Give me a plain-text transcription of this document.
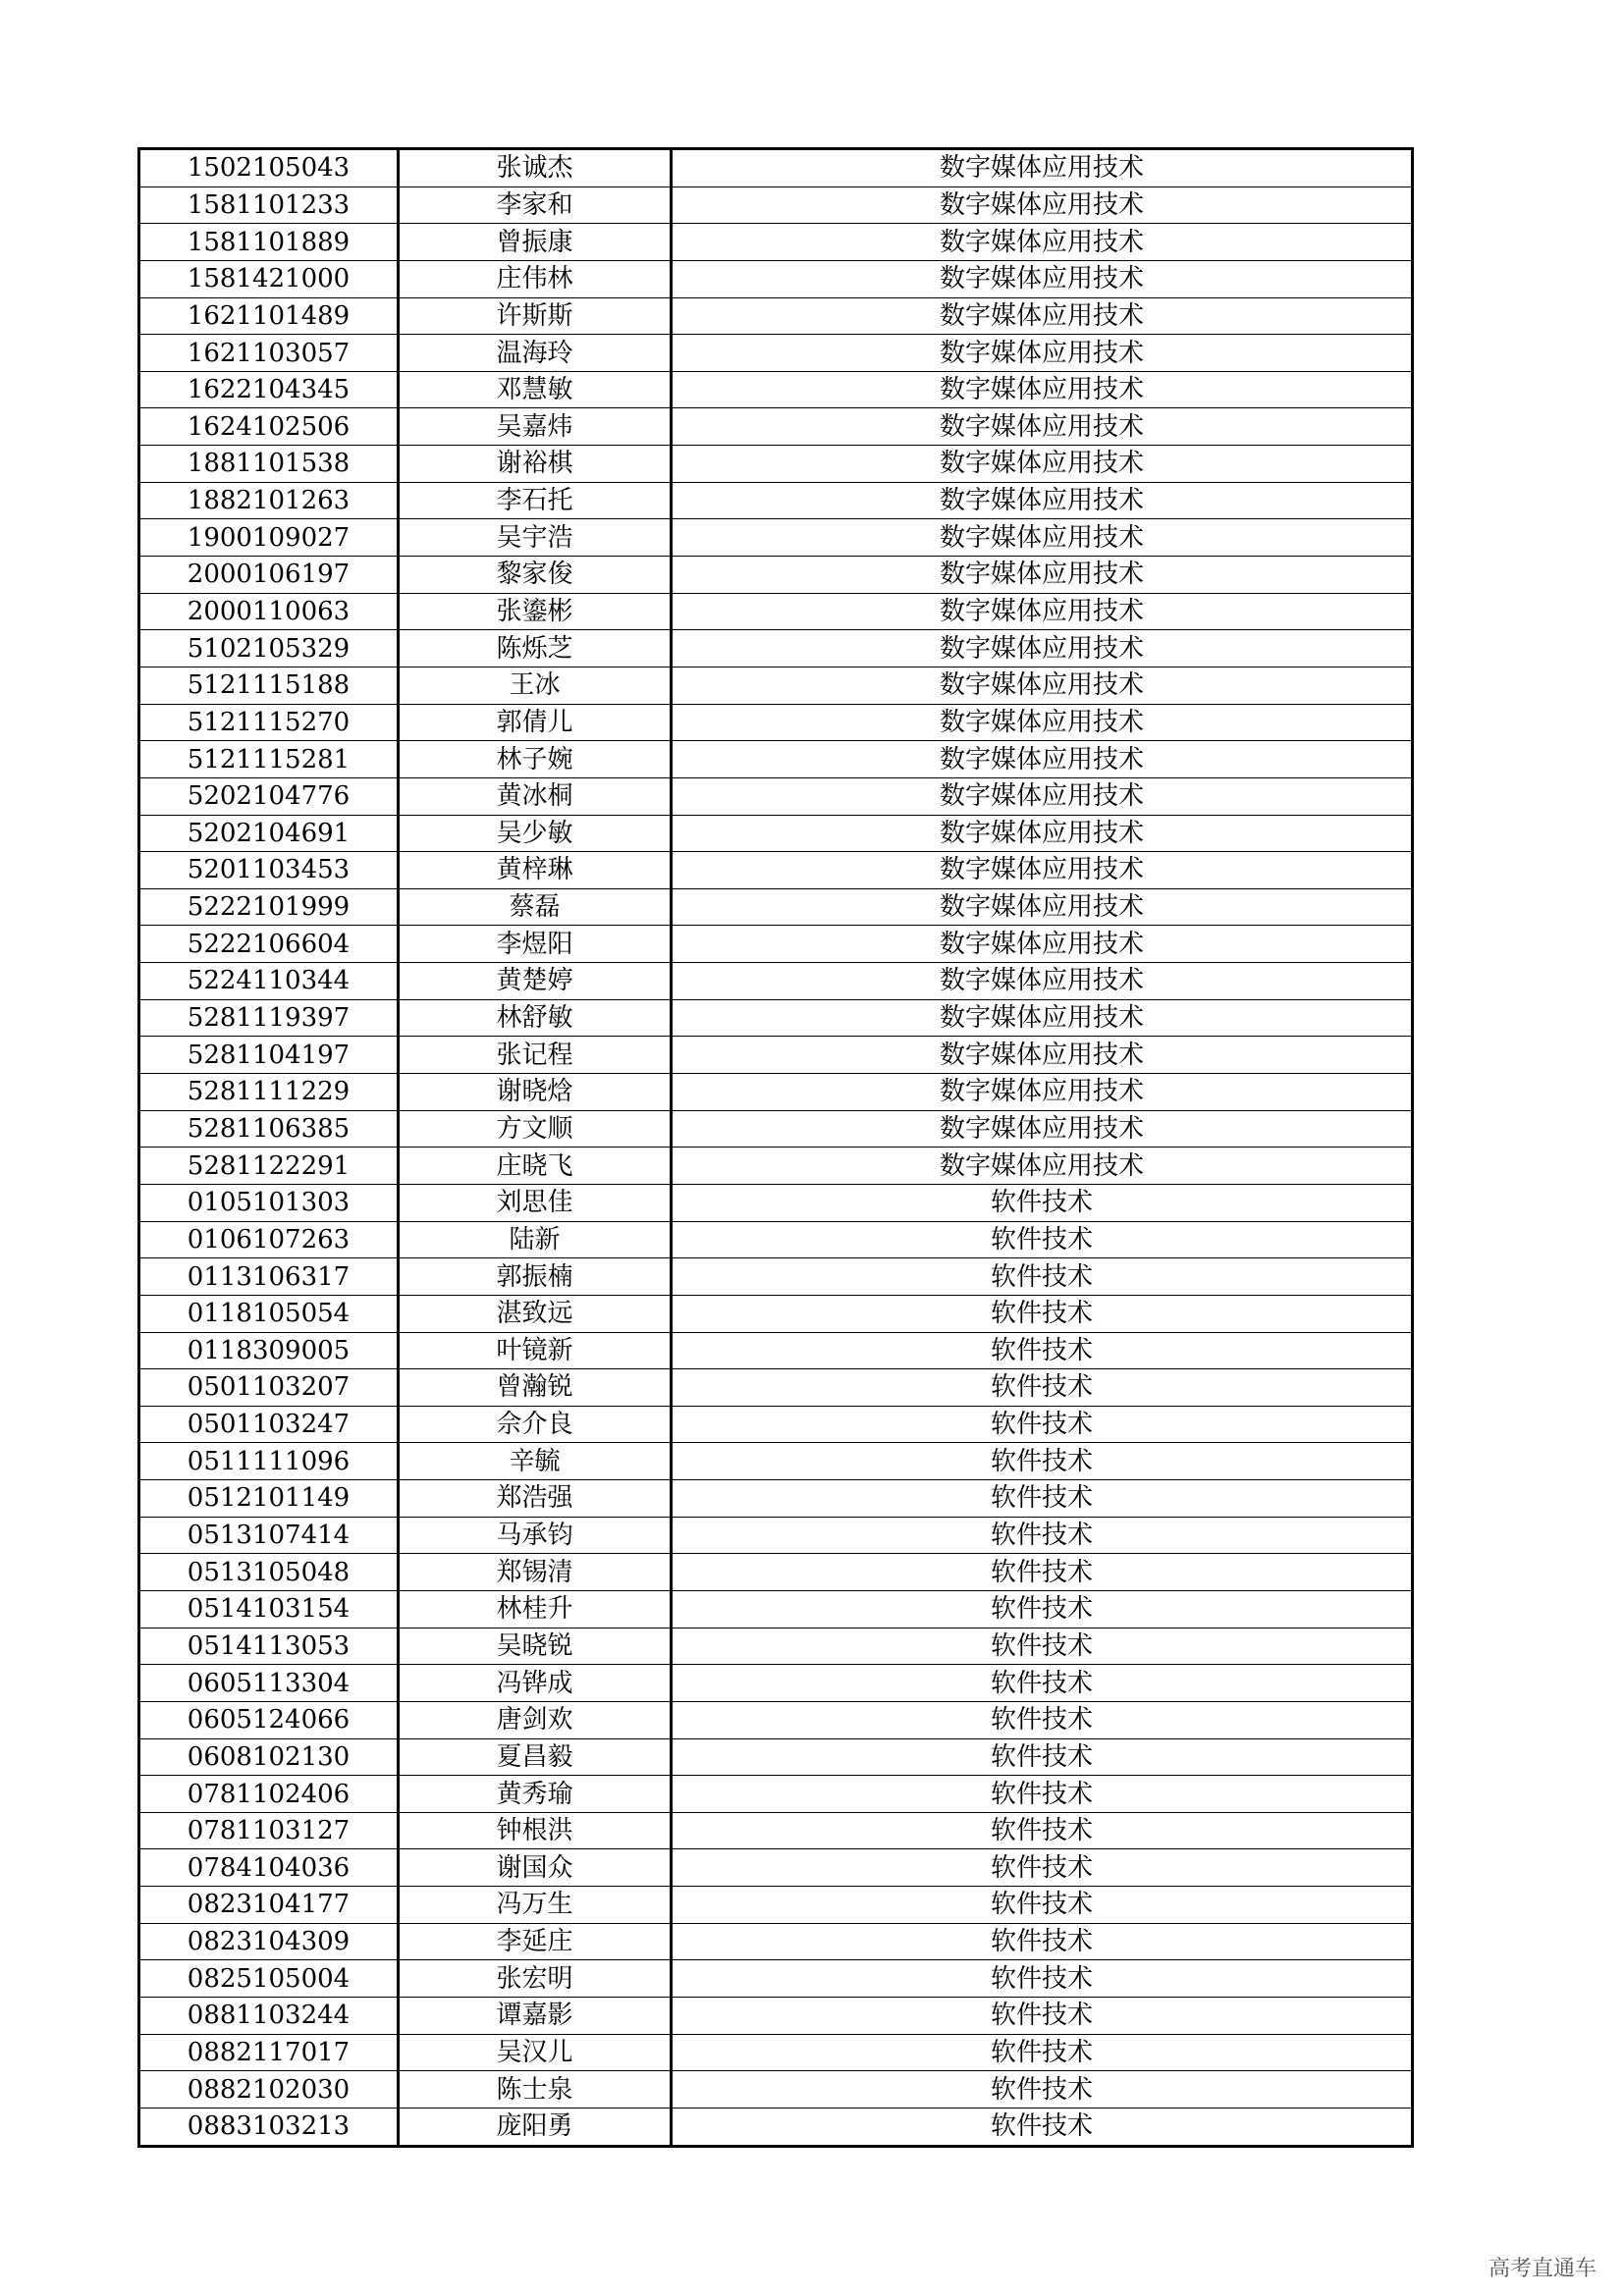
1502105043	张诚杰	数字媒体应用技术
1581101233	李家和	数字媒体应用技术
1581101889	曾振康	数字媒体应用技术
1581421000	庄伟林	数字媒体应用技术
1621101489	许斯斯	数字媒体应用技术
1621103057	温海玲	数字媒体应用技术
1622104345	邓慧敏	数字媒体应用技术
1624102506	吴嘉炜	数字媒体应用技术
1881101538	谢裕棋	数字媒体应用技术
1882101263	李石托	数字媒体应用技术
1900109027	吴宇浩	数字媒体应用技术
2000106197	黎家俊	数字媒体应用技术
2000110063	张鎏彬	数字媒体应用技术
5102105329	陈烁芝	数字媒体应用技术
5121115188	王冰	数字媒体应用技术
5121115270	郭倩儿	数字媒体应用技术
5121115281	林子婉	数字媒体应用技术
5202104776	黄冰桐	数字媒体应用技术
5202104691	吴少敏	数字媒体应用技术
5201103453	黄梓琳	数字媒体应用技术
5222101999	蔡磊	数字媒体应用技术
5222106604	李煜阳	数字媒体应用技术
5224110344	黄楚婷	数字媒体应用技术
5281119397	林舒敏	数字媒体应用技术
5281104197	张记程	数字媒体应用技术
5281111229	谢晓焓	数字媒体应用技术
5281106385	方文顺	数字媒体应用技术
5281122291	庄晓飞	数字媒体应用技术
0105101303	刘思佳	软件技术
0106107263	陆新	软件技术
0113106317	郭振楠	软件技术
0118105054	湛致远	软件技术
0118309005	叶镜新	软件技术
0501103207	曾瀚锐	软件技术
0501103247	佘介良	软件技术
0511111096	辛毓	软件技术
0512101149	郑浩强	软件技术
0513107414	马承钧	软件技术
0513105048	郑锡清	软件技术
0514103154	林桂升	软件技术
0514113053	吴晓锐	软件技术
0605113304	冯铧成	软件技术
0605124066	唐剑欢	软件技术
0608102130	夏昌毅	软件技术
0781102406	黄秀瑜	软件技术
0781103127	钟根洪	软件技术
0784104036	谢国众	软件技术
0823104177	冯万生	软件技术
0823104309	李延庄	软件技术
0825105004	张宏明	软件技术
0881103244	谭嘉影	软件技术
0882117017	吴汉儿	软件技术
0882102030	陈士泉	软件技术
0883103213	庞阳勇	软件技术
高考直通车
